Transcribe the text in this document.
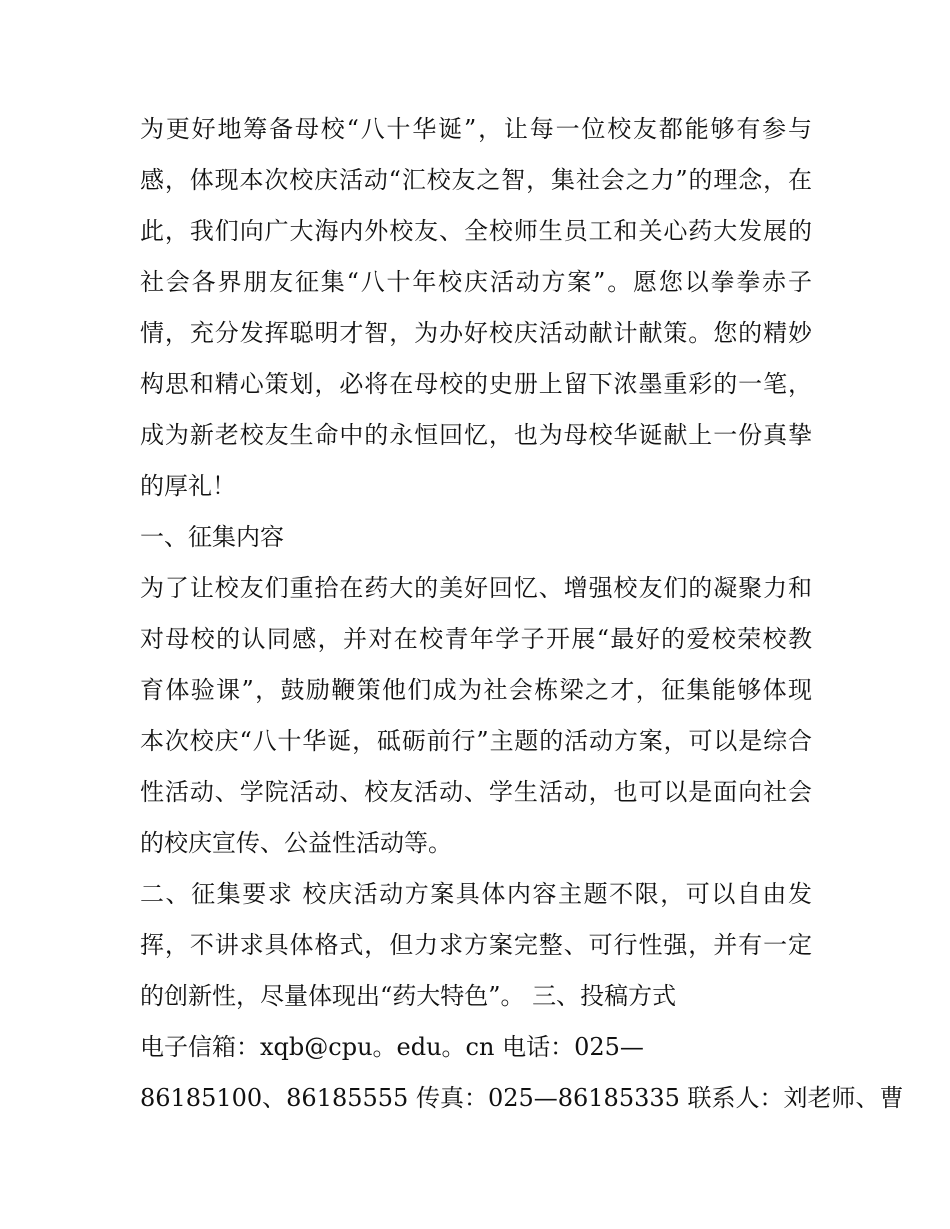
为更好地筹备母校“八十华诞”，让每一位校友都能够有参与
感，体现本次校庆活动“汇校友之智，集社会之力”的理念，在
此，我们向广大海内外校友、全校师生员工和关心药大发展的
社会各界朋友征集“八十年校庆活动方案”。愿您以拳拳赤子
情，充分发挥聪明才智，为办好校庆活动献计献策。您的精妙
构思和精心策划，必将在母校的史册上留下浓墨重彩的一笔，
成为新老校友生命中的永恒回忆，也为母校华诞献上一份真挚
的厚礼！
一、征集内容
为了让校友们重拾在药大的美好回忆、增强校友们的凝聚力和
对母校的认同感，并对在校青年学子开展“最好的爱校荣校教
育体验课”，鼓励鞭策他们成为社会栋梁之才，征集能够体现
本次校庆“八十华诞，砥砺前行”主题的活动方案，可以是综合
性活动、学院活动、校友活动、学生活动，也可以是面向社会
的校庆宣传、公益性活动等。
二、征集要求 校庆活动方案具体内容主题不限，可以自由发
挥，不讲求具体格式，但力求方案完整、可行性强，并有一定
的创新性，尽量体现出“药大特色”。 三、投稿方式
电子信箱：xqb@cpu。edu。cn 电话：025—
86185100、86185555 传真：025—86185335 联系人：刘老师、曹
